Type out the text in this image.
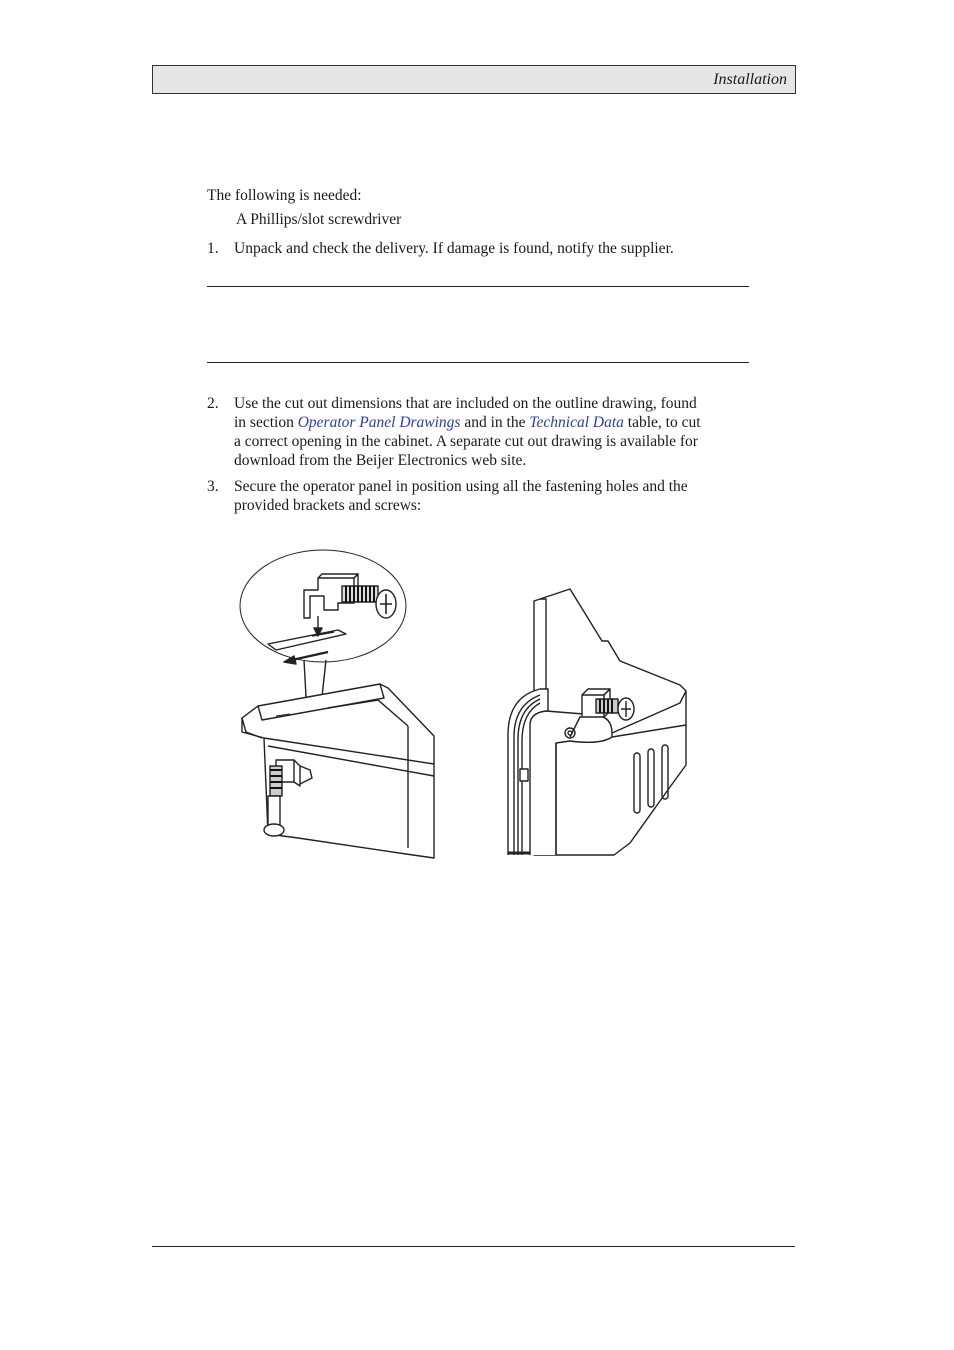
Installation
The following is needed:
A Phillips/slot screwdriver
1. Unpack and check the delivery. If damage is found, notify the supplier.
2. Use the cut out dimensions that are included on the outline drawing, found
in section Operator Panel Drawings and in the Technical Data table, to cut
a correct opening in the cabinet. A separate cut out drawing is available for
download from the Beijer Electronics web site.
3. Secure the operator panel in position using all the fastening holes and the
provided brackets and screws:
